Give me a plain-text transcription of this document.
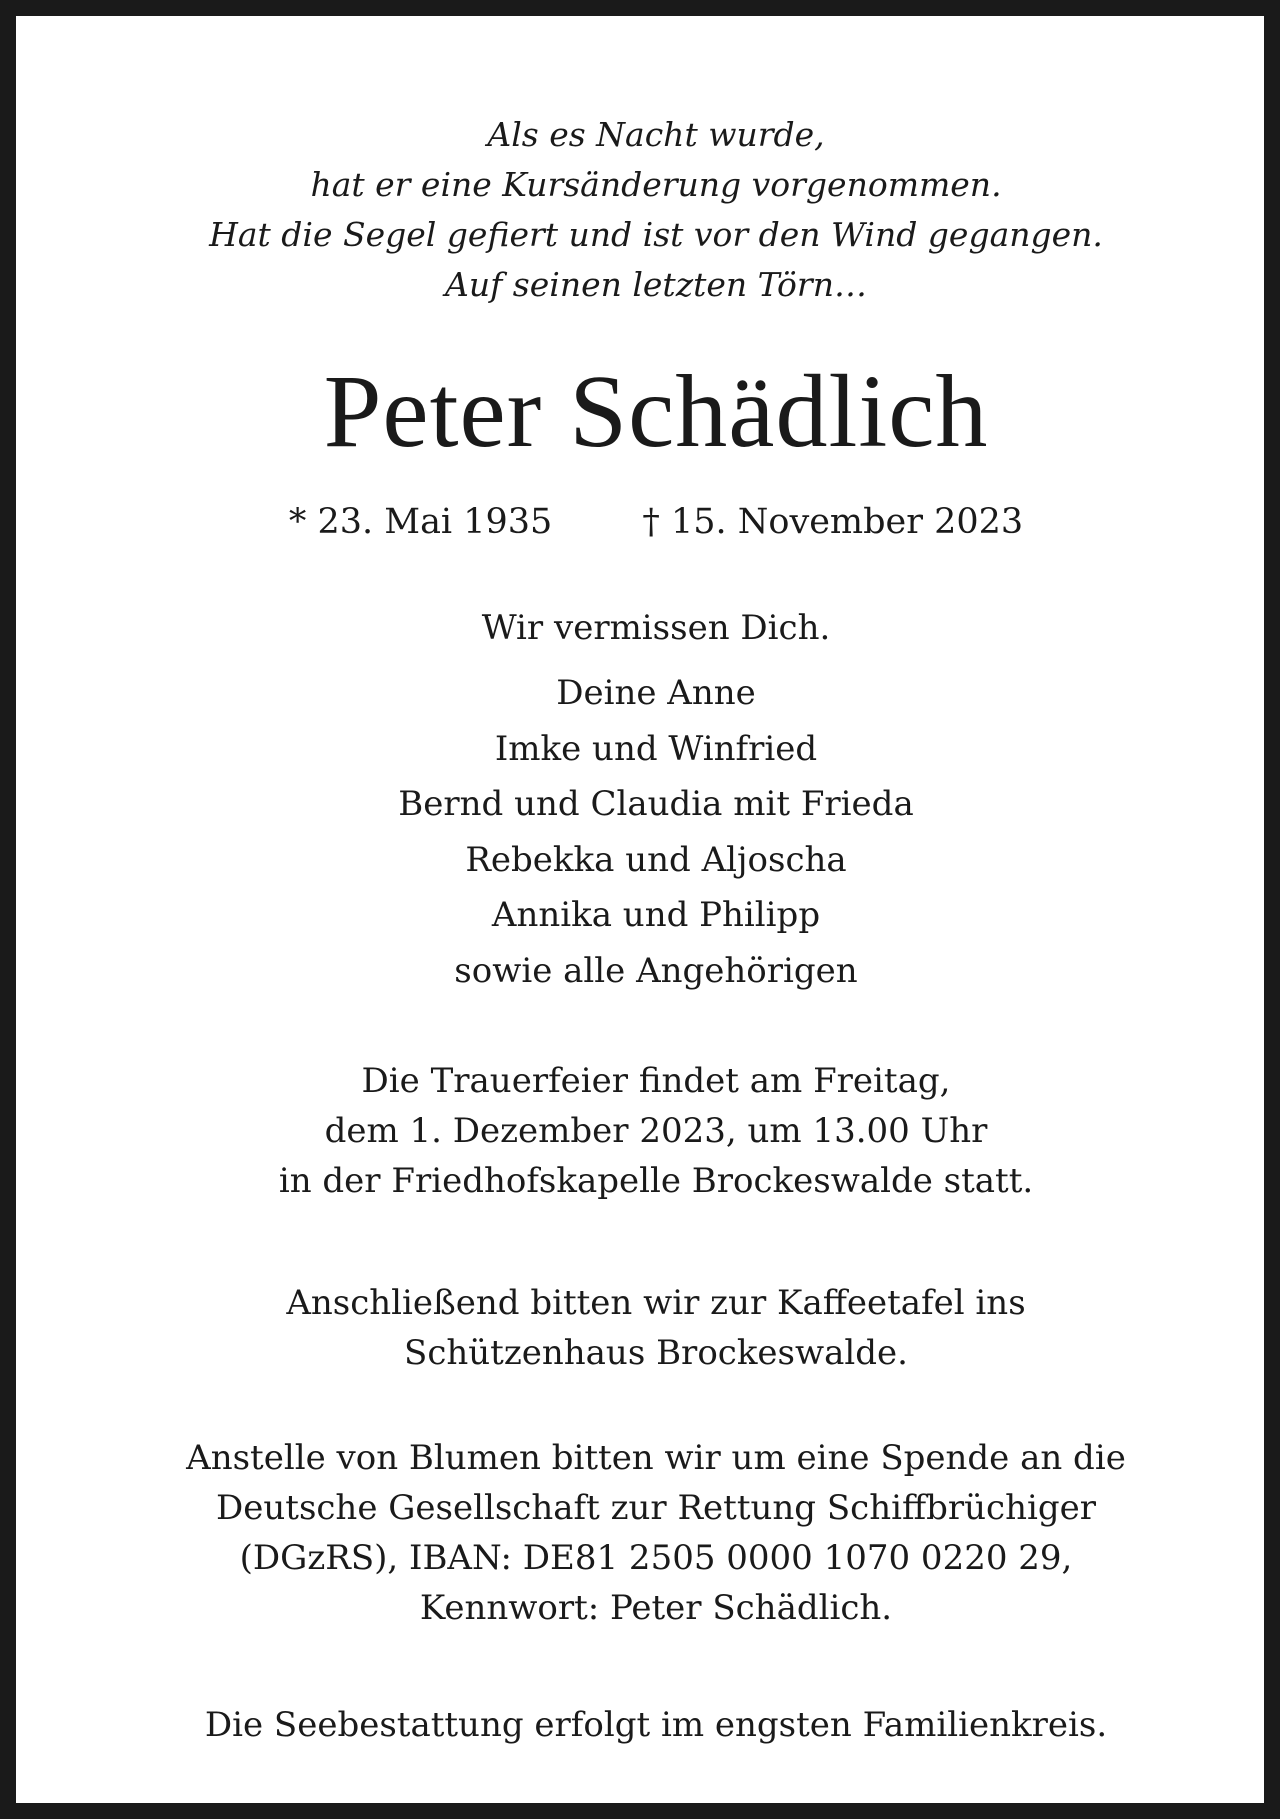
Als es Nacht wurde,
hat er eine Kursänderung vorgenommen.
Hat die Segel gefiert und ist vor den Wind gegangen.
Auf seinen letzten Törn…
Peter Schädlich
* 23. Mai 1935	† 15. November 2023
Wir vermissen Dich.
Deine Anne
Imke und Winfried
Bernd und Claudia mit Frieda
Rebekka und Aljoscha
Annika und Philipp
sowie alle Angehörigen
Die Trauerfeier findet am Freitag,
dem 1. Dezember 2023, um 13.00 Uhr
in der Friedhofskapelle Brockeswalde statt.
Anschließend bitten wir zur Kaffeetafel ins
Schützenhaus Brockeswalde.
Anstelle von Blumen bitten wir um eine Spende an die
Deutsche Gesellschaft zur Rettung Schiffbrüchiger
(DGzRS), IBAN: DE81 2505 0000 1070 0220 29,
Kennwort: Peter Schädlich.
Die Seebestattung erfolgt im engsten Familienkreis.
